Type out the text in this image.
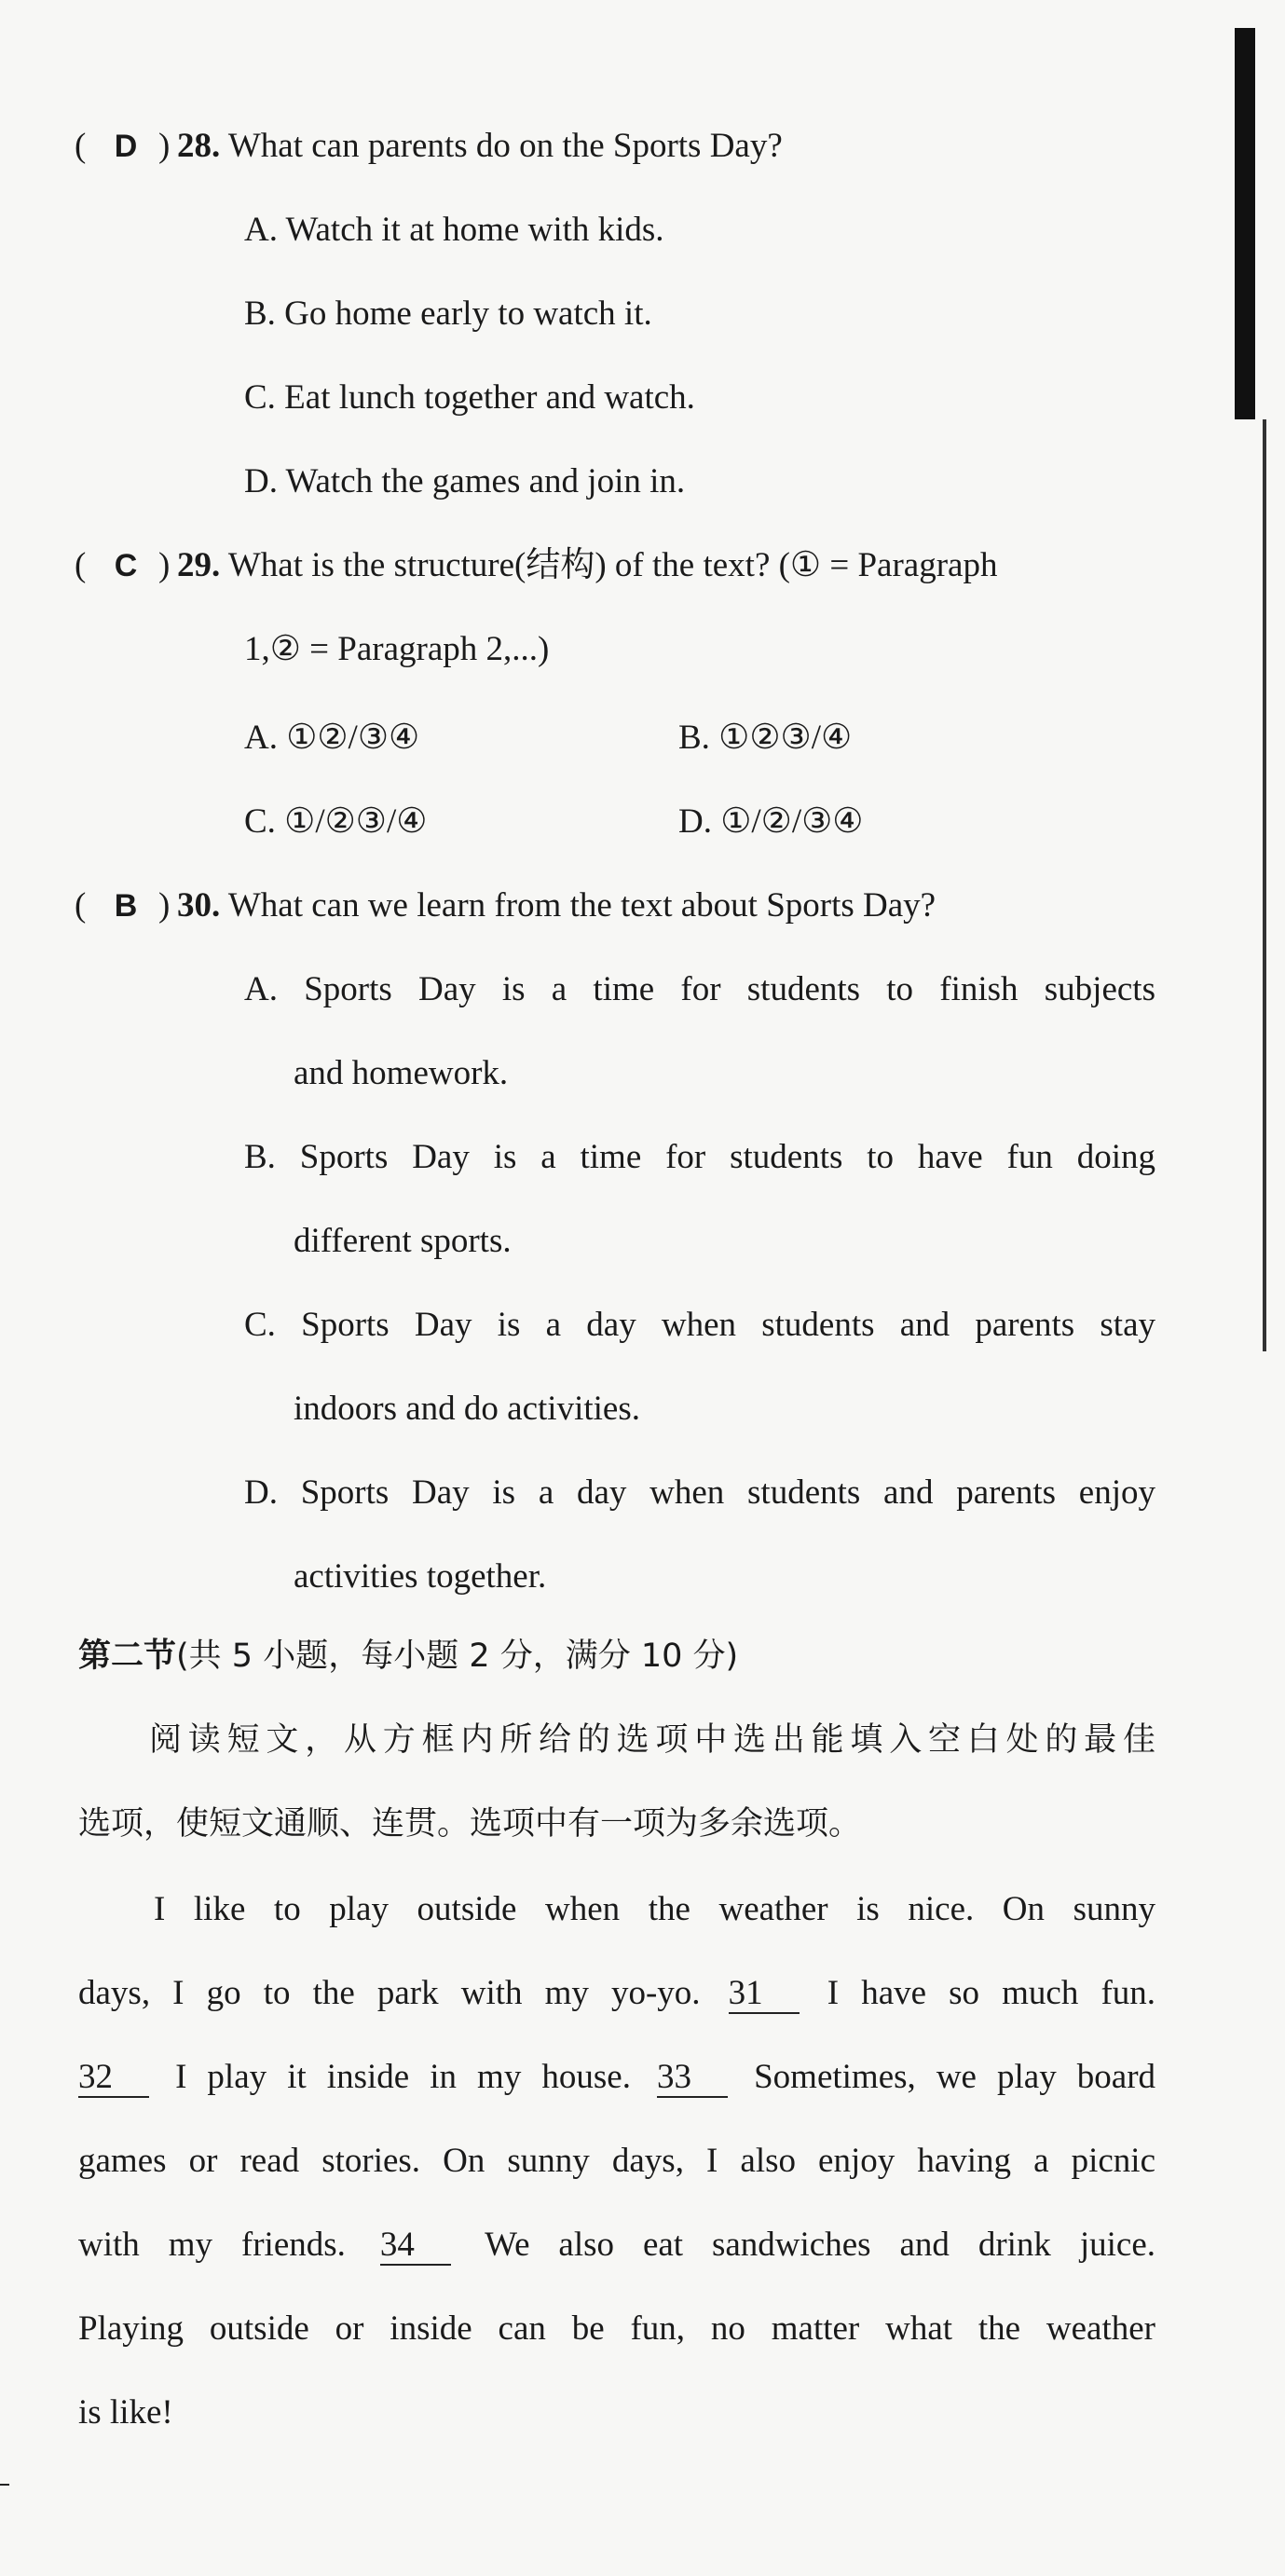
( D ) 28. What can parents do on the Sports Day?
A. Watch it at home with kids.
B. Go home early to watch it.
C. Eat lunch together and watch.
D. Watch the games and join in.
( C ) 29. What is the structure(结构) of the text? (① = Paragraph
1,② = Paragraph 2,...)
A. ①②/③④	B. ①②③/④
C. ①/②③/④	D. ①/②/③④
( B ) 30. What can we learn from the text about Sports Day?
A. Sports Day is a time for students to finish subjects
and homework.
B. Sports Day is a time for students to have fun doing
different sports.
C. Sports Day is a day when students and parents stay
indoors and do activities.
D. Sports Day is a day when students and parents enjoy
activities together.
第二节(共 5 小题，每小题 2 分，满分 10 分)
阅读短文，从方框内所给的选项中选出能填入空白处的最佳
选项，使短文通顺、连贯。选项中有一项为多余选项。
I like to play outside when the weather is nice. On sunny
days, I go to the park with my yo-yo. 31 I have so much fun.
32 I play it inside in my house. 33 Sometimes, we play board
games or read stories. On sunny days, I also enjoy having a picnic
with my friends. 34 We also eat sandwiches and drink juice.
Playing outside or inside can be fun, no matter what the weather
is like!
